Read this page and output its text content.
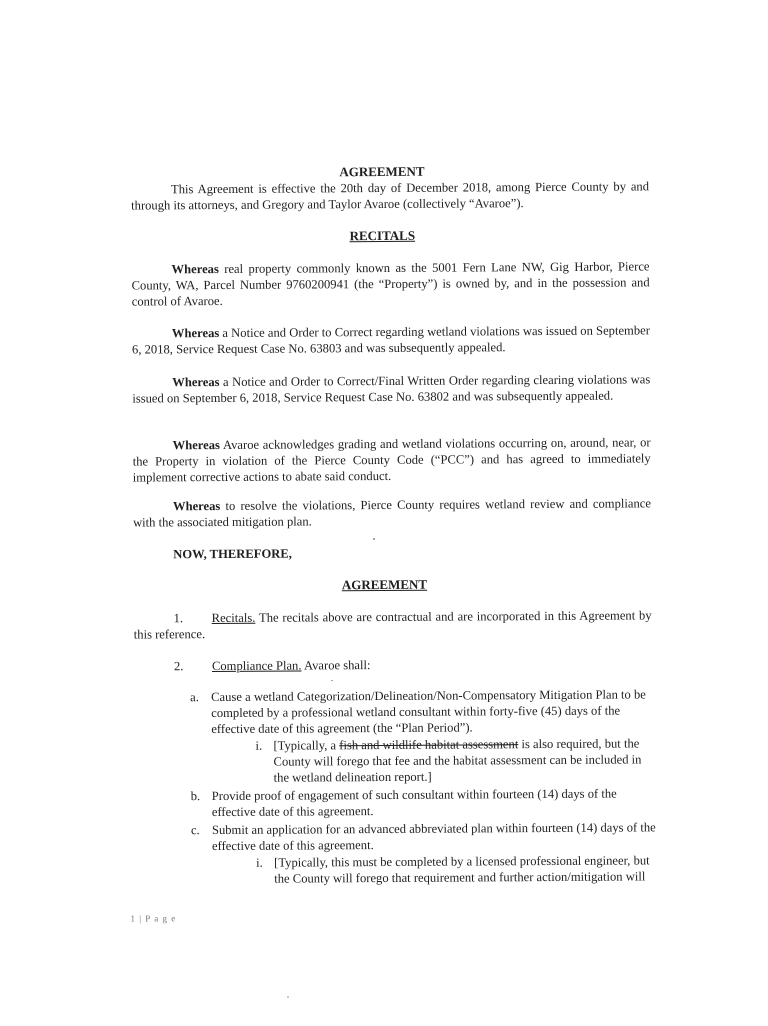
AGREEMENT

This Agreement is effective the 20th day of December 2018, among Pierce County by and through its attorneys, and Gregory and Taylor Avaroe (collectively “Avaroe”).

RECITALS

Whereas real property commonly known as the 5001 Fern Lane NW, Gig Harbor, Pierce County, WA, Parcel Number 9760200941 (the “Property”) is owned by, and in the possession and control of Avaroe.

Whereas a Notice and Order to Correct regarding wetland violations was issued on September 6, 2018, Service Request Case No. 63803 and was subsequently appealed.

Whereas a Notice and Order to Correct/Final Written Order regarding clearing violations was issued on September 6, 2018, Service Request Case No. 63802 and was subsequently appealed.

Whereas Avaroe acknowledges grading and wetland violations occurring on, around, near, or the Property in violation of the Pierce County Code (“PCC”) and has agreed to immediately implement corrective actions to abate said conduct.

Whereas to resolve the violations, Pierce County requires wetland review and compliance with the associated mitigation plan.

NOW, THEREFORE,

AGREEMENT

1. Recitals. The recitals above are contractual and are incorporated in this Agreement by this reference.

2. Compliance Plan. Avaroe shall:

a. Cause a wetland Categorization/Delineation/Non-Compensatory Mitigation Plan to be completed by a professional wetland consultant within forty-five (45) days of the effective date of this agreement (the “Plan Period”).
i. [Typically, a fish and wildlife habitat assessment is also required, but the County will forego that fee and the habitat assessment can be included in the wetland delineation report.]
b. Provide proof of engagement of such consultant within fourteen (14) days of the effective date of this agreement.
c. Submit an application for an advanced abbreviated plan within fourteen (14) days of the effective date of this agreement.
i. [Typically, this must be completed by a licensed professional engineer, but the County will forego that requirement and further action/mitigation will
1 | P a g e
